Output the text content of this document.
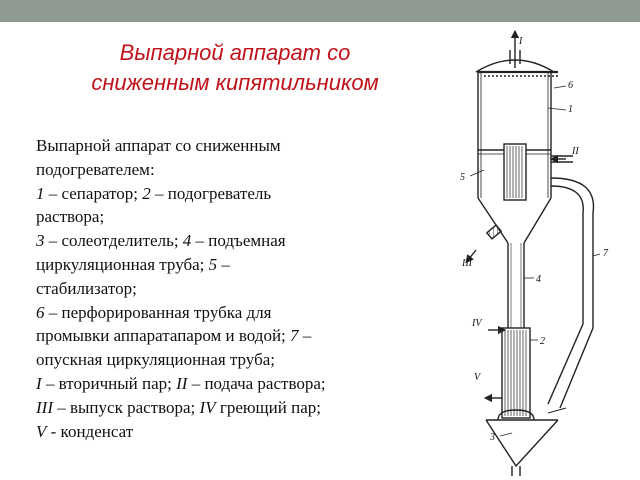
Выпарной аппарат со
сниженным кипятильником
Выпарной аппарат со сниженным
подогревателем:
1 – сепаратор; 2 – подогреватель
раствора;
3 – солеотделитель; 4 – подъемная
циркуляционная труба; 5 –
стабилизатор;
6 – перфорированная трубка для
промывки аппаратапаром и водой; 7 –
опускная циркуляционная труба;
I – вторичный пар; II – подача раствора;
III – выпуск раствора; IV греющий пар;
V - конденсат
I
6
1
II
5
III
7
4
IV
2
V
3
